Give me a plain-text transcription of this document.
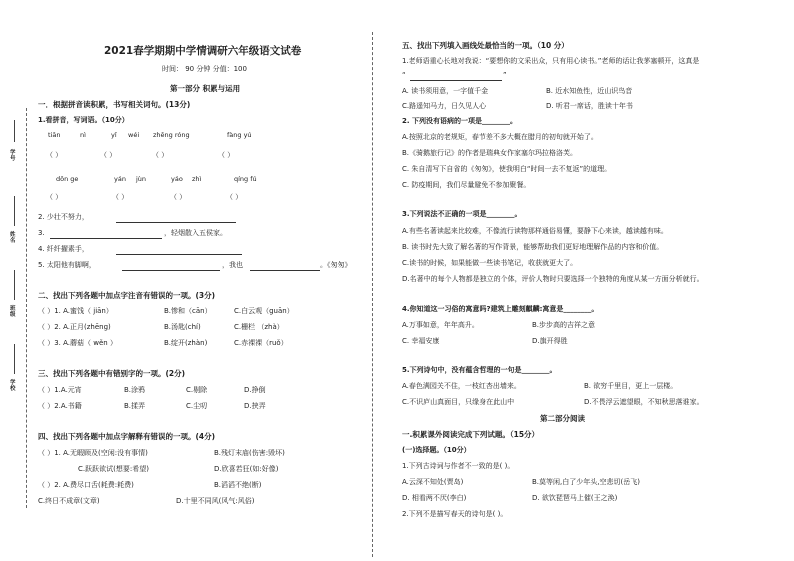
学号
姓名
班级
学校
2021春学期期中学情调研六年级语文试卷
时间： 90 分钟 分值：100
第一部分 积累与运用
一．根据拼音读积累，书写相关词句。(13分)
1.看拼音，写词语。（10分）
tiān	nì	yǐ wéi zhēng róng	fàng yú
（ ）	（ ）	（ ）	（ ）
dōn ge	yán jùn	yáo zhì	qíng fú
（ ）	（ ）	（ ）	（ ）
2. 少壮不努力，
3.	，轻烟散入五侯家。
4. 纤纤擢素手，
5. 太阳他有脚啊，	，我也	。《匆匆》
二、找出下列各题中加点字注音有错误的一项。(3分)
（ ）1. A.蜜饯（ jiān）	B.惨和（cān）	C.白云观（guān）
（ ）2. A.正月(zhēng)	B.汤匙(chí)	C.栅栏 （zhà）
（ ）3. A.蘑菇（ wěn ）	B.绽开(zhàn)	C.赤裸裸（ruǒ）
三、找出下列各题中有错别字的一项。(2分)
（ ）1.A.元宵	B.涂鸦	C.剔除	D.挣倒
（ ）2.A.书籍	B.揉弄	C.尘叨	D.挟弄
四、找出下列各题中加点字解释有错误的一项。(4分)
（ ）1. A.无暇顾及(空闲:没有事情)	B.残灯末庙(伤害:毁坏)
C.跃跃欲试(想要:希望)	D.欣喜若狂(如:好像)
（ ）2. A.费尽口舌(耗费:耗费)	B.滔滔不绝(断)
C.终日不成章(文章)	D.十里不同风(风气:风俗)
五、找出下列填入画线处最恰当的一项。（10 分）
1.老师语重心长地对我说：“要想你的文采出众，只有用心读书。”老师的话让我茅塞顿开，这真是
“	”
A. 读书须用意，一字值千金	B. 近水知鱼性，近山识鸟音
C.路遥知马力，日久见人心	D. 听君一席话，胜读十年书
2. 下列没有语病的一项是________。
A.按照北京的老规矩，春节差不多大概在腊月的初旬就开始了。
B.《骑鹅旅行记》的作者是瑞典女作家塞尔玛拉格洛芙。
C. 朱自清写下自省的《匆匆》，使我明白“时间一去不复返”的道理。
C. 防疫期间，我们尽量避免不参加聚餐。
3.下列说法不正确的一项是________。
A.有些名著读起来比较难，不像流行读物那样通俗易懂，要静下心来读，越读越有味。
B. 读书时先大致了解名著的写作背景，能够帮助我们更好地理解作品的内容和价值。
C.读书的时候，如果能做一些读书笔记，收获就更大了。
D.名著中的每个人物都是独立的个体，评价人物时只要选择一个独特的角度从某一方面分析就行。
4.你知道这一习俗的寓意吗?建筑上雕刻麒麟:寓意是________。
A.万事如意，年年高升。	B.步步高的吉祥之意
C. 幸福安康	D.旗开得胜
5.下列诗句中，没有蕴含哲理的一句是________。
A.春色满园关不住，一枝红杏出墙来。	B. 欲穷千里目，更上一层楼。
C.不识庐山真面目，只缘身在此山中	D.不畏浮云遮望眼，不知秋思落谁家。
第二部分阅读
一.积累课外阅读完成下列试题。（15分）
(一)选择题。（10分）
1.下列古诗词与作者不一致的是( )。
A.云深不知处(贾岛)	B.莫等闲,白了少年头,空悲切(岳飞)
D. 相看两不厌(李白)	D. 欲饮琵琶马上催(王之涣)
2.下列不是描写春天的诗句是( )。
